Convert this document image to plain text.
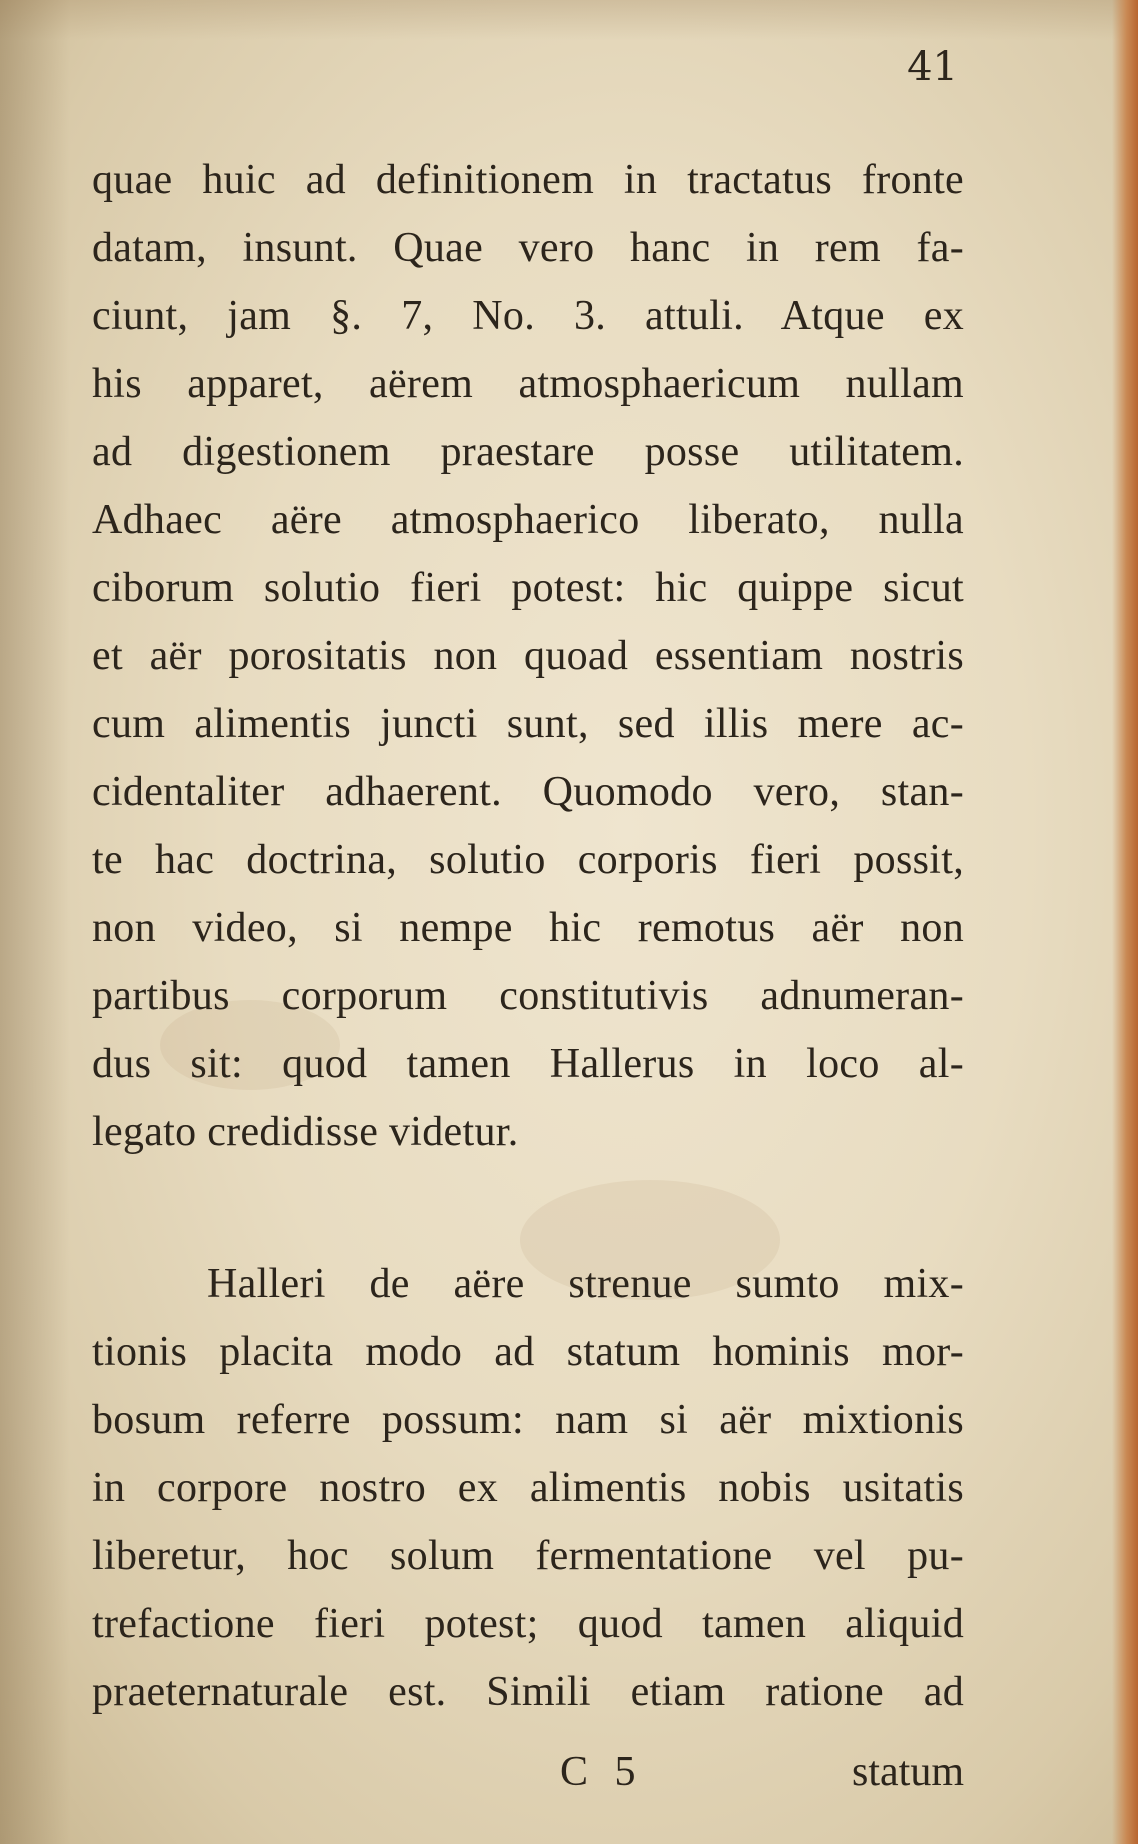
41
quae huic ad definitionem in tractatus fronte
datam, insunt. Quae vero hanc in rem fa-
ciunt, jam §. 7, No. 3. attuli. Atque ex
his apparet, aërem atmosphaericum nullam
ad digestionem praestare posse utilitatem.
Adhaec aëre atmosphaerico liberato, nulla
ciborum solutio fieri potest: hic quippe sicut
et aër porositatis non quoad essentiam nostris
cum alimentis juncti sunt, sed illis mere ac-
cidentaliter adhaerent. Quomodo vero, stan-
te hac doctrina, solutio corporis fieri possit,
non video, si nempe hic remotus aër non
partibus corporum constitutivis adnumeran-
dus sit: quod tamen Hallerus in loco al-
legato credidisse videtur.
Halleri de aëre strenue sumto mix-
tionis placita modo ad statum hominis mor-
bosum referre possum: nam si aër mixtionis
in corpore nostro ex alimentis nobis usitatis
liberetur, hoc solum fermentatione vel pu-
trefactione fieri potest; quod tamen aliquid
praeternaturale est. Simili etiam ratione ad
C 5	statum
